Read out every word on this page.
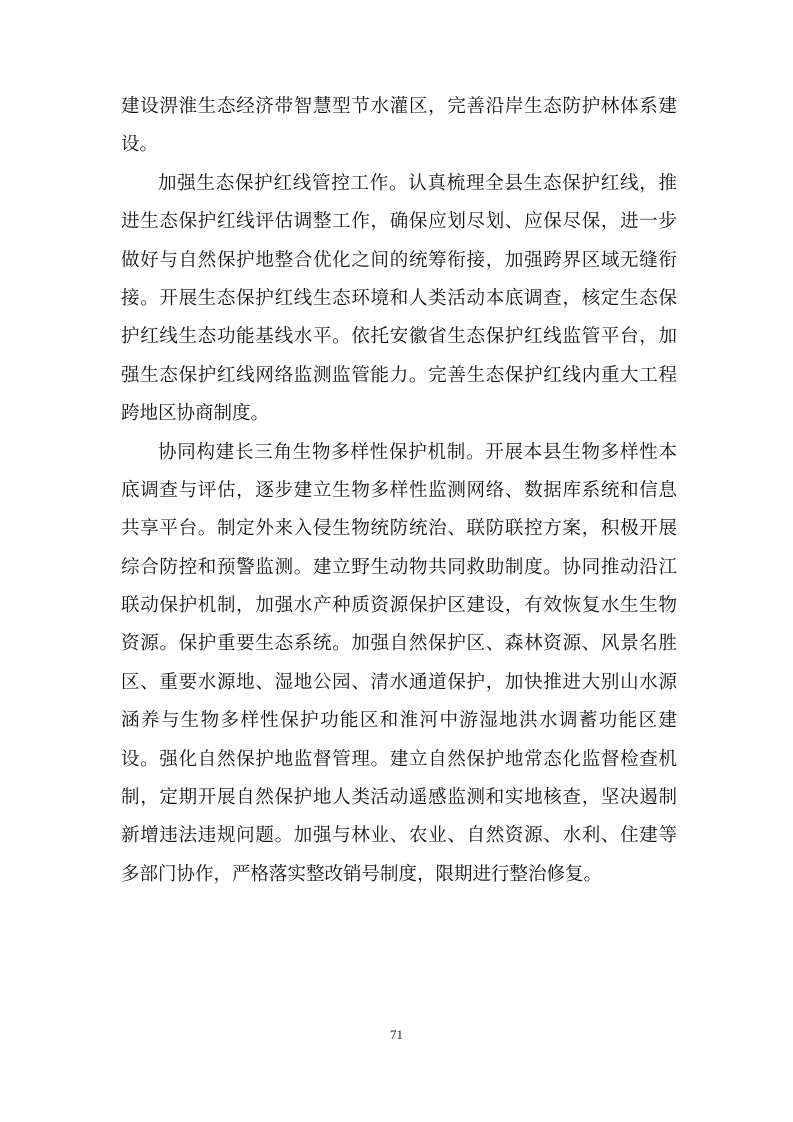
建设淠淮生态经济带智慧型节水灌区，完善沿岸生态防护林体系建
设。
加强生态保护红线管控工作。认真梳理全县生态保护红线，推
进生态保护红线评估调整工作，确保应划尽划、应保尽保，进一步
做好与自然保护地整合优化之间的统筹衔接，加强跨界区域无缝衔
接。开展生态保护红线生态环境和人类活动本底调查，核定生态保
护红线生态功能基线水平。依托安徽省生态保护红线监管平台，加
强生态保护红线网络监测监管能力。完善生态保护红线内重大工程
跨地区协商制度。
协同构建长三角生物多样性保护机制。开展本县生物多样性本
底调查与评估，逐步建立生物多样性监测网络、数据库系统和信息
共享平台。制定外来入侵生物统防统治、联防联控方案，积极开展
综合防控和预警监测。建立野生动物共同救助制度。协同推动沿江
联动保护机制，加强水产种质资源保护区建设，有效恢复水生生物
资源。保护重要生态系统。加强自然保护区、森林资源、风景名胜
区、重要水源地、湿地公园、清水通道保护，加快推进大别山水源
涵养与生物多样性保护功能区和淮河中游湿地洪水调蓄功能区建
设。强化自然保护地监督管理。建立自然保护地常态化监督检查机
制，定期开展自然保护地人类活动遥感监测和实地核查，坚决遏制
新增违法违规问题。加强与林业、农业、自然资源、水利、住建等
多部门协作，严格落实整改销号制度，限期进行整治修复。
71
